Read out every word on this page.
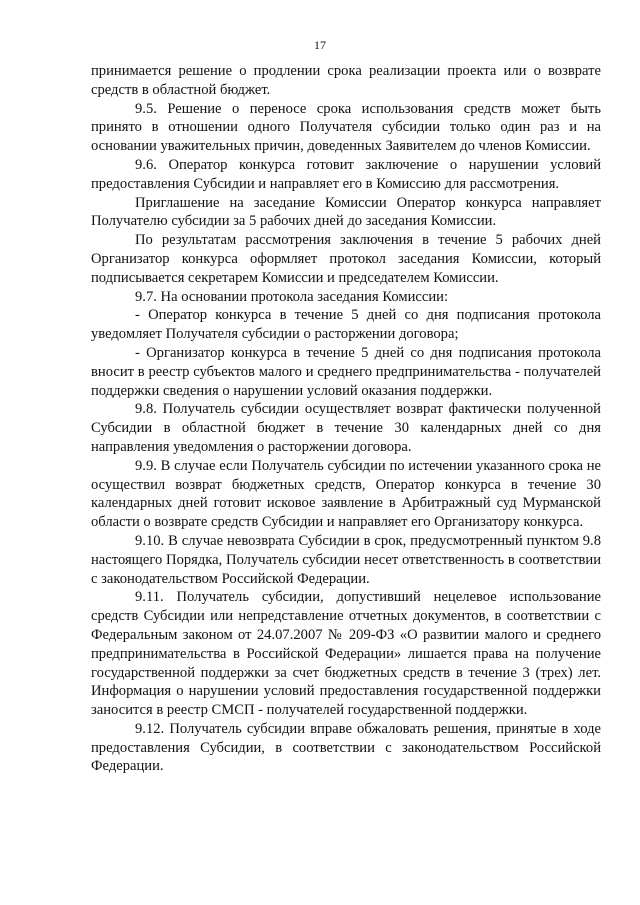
17

принимается решение о продлении срока реализации проекта или о возврате средств в областной бюджет.

9.5. Решение о переносе срока использования средств может быть принято в отношении одного Получателя субсидии только один раз и на основании уважительных причин, доведенных Заявителем до членов Комиссии.

9.6. Оператор конкурса готовит заключение о нарушении условий предоставления Субсидии и направляет его в Комиссию для рассмотрения.

Приглашение на заседание Комиссии Оператор конкурса направляет Получателю субсидии за 5 рабочих дней до заседания Комиссии.

По результатам рассмотрения заключения в течение 5 рабочих дней Организатор конкурса оформляет протокол заседания Комиссии, который подписывается секретарем Комиссии и председателем Комиссии.

9.7. На основании протокола заседания Комиссии:

- Оператор конкурса в течение 5 дней со дня подписания протокола уведомляет Получателя субсидии о расторжении договора;

- Организатор конкурса в течение 5 дней со дня подписания протокола вносит в реестр субъектов малого и среднего предпринимательства - получателей поддержки сведения о нарушении условий оказания поддержки.

9.8. Получатель субсидии осуществляет возврат фактически полученной Субсидии в областной бюджет в течение 30 календарных дней со дня направления уведомления о расторжении договора.

9.9. В случае если Получатель субсидии по истечении указанного срока не осуществил возврат бюджетных средств, Оператор конкурса в течение 30 календарных дней готовит исковое заявление в Арбитражный суд Мурманской области о возврате средств Субсидии и направляет его Организатору конкурса.

9.10. В случае невозврата Субсидии в срок, предусмотренный пунктом 9.8 настоящего Порядка, Получатель субсидии несет ответственность в соответствии с законодательством Российской Федерации.

9.11. Получатель субсидии, допустивший нецелевое использование средств Субсидии или непредставление отчетных документов, в соответствии с Федеральным законом от 24.07.2007 № 209-ФЗ «О развитии малого и среднего предпринимательства в Российской Федерации» лишается права на получение государственной поддержки за счет бюджетных средств в течение 3 (трех) лет. Информация о нарушении условий предоставления государственной поддержки заносится в реестр СМСП - получателей государственной поддержки.

9.12. Получатель субсидии вправе обжаловать решения, принятые в ходе предоставления Субсидии, в соответствии с законодательством Российской Федерации.
